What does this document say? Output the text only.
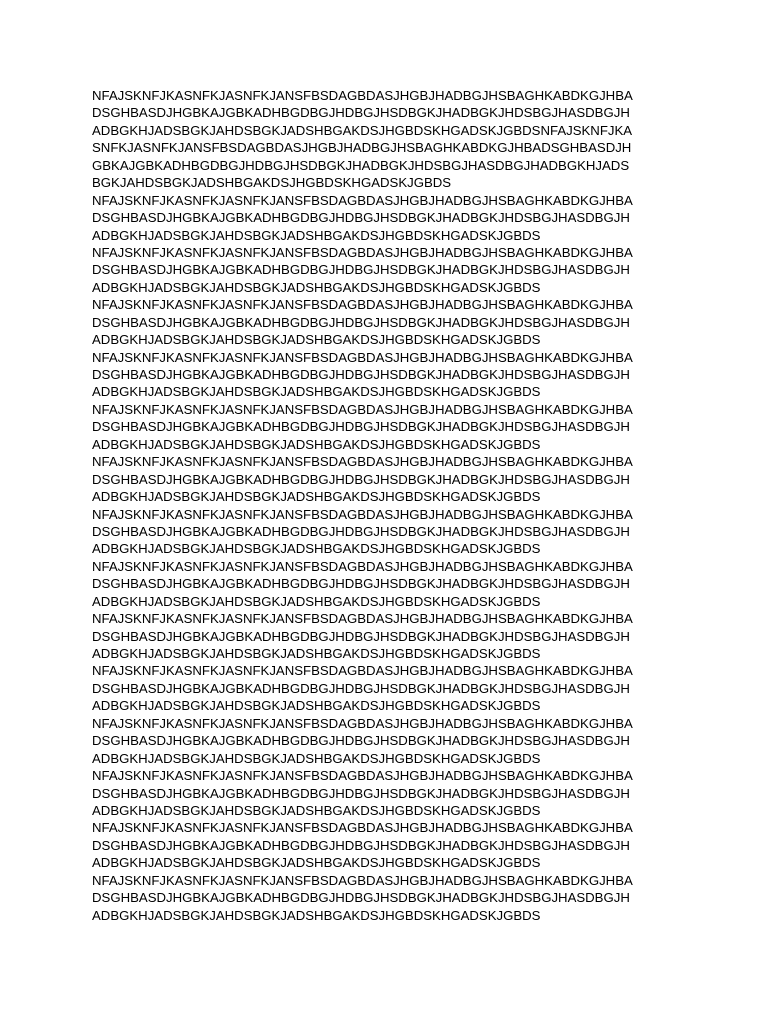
NFAJSKNFJKASNFKJASNFKJANSFBSDAGBDASJHGBJHADBGJHSBAGHKABDKGJHBA
DSGHBASDJHGBKAJGBKADHBGDBGJHDBGJHSDBGKJHADBGKJHDSBGJHASDBGJH
ADBGKHJADSBGKJAHDSBGKJADSHBGAKDSJHGBDSKHGADSKJGBDSNFAJSKNFJKA
SNFKJASNFKJANSFBSDAGBDASJHGBJHADBGJHSBAGHKABDKGJHBADSGHBASDJH
GBKAJGBKADHBGDBGJHDBGJHSDBGKJHADBGKJHDSBGJHASDBGJHADBGKHJADS
BGKJAHDSBGKJADSHBGAKDSJHGBDSKHGADSKJGBDS
NFAJSKNFJKASNFKJASNFKJANSFBSDAGBDASJHGBJHADBGJHSBAGHKABDKGJHBA
DSGHBASDJHGBKAJGBKADHBGDBGJHDBGJHSDBGKJHADBGKJHDSBGJHASDBGJH
ADBGKHJADSBGKJAHDSBGKJADSHBGAKDSJHGBDSKHGADSKJGBDS
NFAJSKNFJKASNFKJASNFKJANSFBSDAGBDASJHGBJHADBGJHSBAGHKABDKGJHBA
DSGHBASDJHGBKAJGBKADHBGDBGJHDBGJHSDBGKJHADBGKJHDSBGJHASDBGJH
ADBGKHJADSBGKJAHDSBGKJADSHBGAKDSJHGBDSKHGADSKJGBDS
NFAJSKNFJKASNFKJASNFKJANSFBSDAGBDASJHGBJHADBGJHSBAGHKABDKGJHBA
DSGHBASDJHGBKAJGBKADHBGDBGJHDBGJHSDBGKJHADBGKJHDSBGJHASDBGJH
ADBGKHJADSBGKJAHDSBGKJADSHBGAKDSJHGBDSKHGADSKJGBDS
NFAJSKNFJKASNFKJASNFKJANSFBSDAGBDASJHGBJHADBGJHSBAGHKABDKGJHBA
DSGHBASDJHGBKAJGBKADHBGDBGJHDBGJHSDBGKJHADBGKJHDSBGJHASDBGJH
ADBGKHJADSBGKJAHDSBGKJADSHBGAKDSJHGBDSKHGADSKJGBDS
NFAJSKNFJKASNFKJASNFKJANSFBSDAGBDASJHGBJHADBGJHSBAGHKABDKGJHBA
DSGHBASDJHGBKAJGBKADHBGDBGJHDBGJHSDBGKJHADBGKJHDSBGJHASDBGJH
ADBGKHJADSBGKJAHDSBGKJADSHBGAKDSJHGBDSKHGADSKJGBDS
NFAJSKNFJKASNFKJASNFKJANSFBSDAGBDASJHGBJHADBGJHSBAGHKABDKGJHBA
DSGHBASDJHGBKAJGBKADHBGDBGJHDBGJHSDBGKJHADBGKJHDSBGJHASDBGJH
ADBGKHJADSBGKJAHDSBGKJADSHBGAKDSJHGBDSKHGADSKJGBDS
NFAJSKNFJKASNFKJASNFKJANSFBSDAGBDASJHGBJHADBGJHSBAGHKABDKGJHBA
DSGHBASDJHGBKAJGBKADHBGDBGJHDBGJHSDBGKJHADBGKJHDSBGJHASDBGJH
ADBGKHJADSBGKJAHDSBGKJADSHBGAKDSJHGBDSKHGADSKJGBDS
NFAJSKNFJKASNFKJASNFKJANSFBSDAGBDASJHGBJHADBGJHSBAGHKABDKGJHBA
DSGHBASDJHGBKAJGBKADHBGDBGJHDBGJHSDBGKJHADBGKJHDSBGJHASDBGJH
ADBGKHJADSBGKJAHDSBGKJADSHBGAKDSJHGBDSKHGADSKJGBDS
NFAJSKNFJKASNFKJASNFKJANSFBSDAGBDASJHGBJHADBGJHSBAGHKABDKGJHBA
DSGHBASDJHGBKAJGBKADHBGDBGJHDBGJHSDBGKJHADBGKJHDSBGJHASDBGJH
ADBGKHJADSBGKJAHDSBGKJADSHBGAKDSJHGBDSKHGADSKJGBDS
NFAJSKNFJKASNFKJASNFKJANSFBSDAGBDASJHGBJHADBGJHSBAGHKABDKGJHBA
DSGHBASDJHGBKAJGBKADHBGDBGJHDBGJHSDBGKJHADBGKJHDSBGJHASDBGJH
ADBGKHJADSBGKJAHDSBGKJADSHBGAKDSJHGBDSKHGADSKJGBDS
NFAJSKNFJKASNFKJASNFKJANSFBSDAGBDASJHGBJHADBGJHSBAGHKABDKGJHBA
DSGHBASDJHGBKAJGBKADHBGDBGJHDBGJHSDBGKJHADBGKJHDSBGJHASDBGJH
ADBGKHJADSBGKJAHDSBGKJADSHBGAKDSJHGBDSKHGADSKJGBDS
NFAJSKNFJKASNFKJASNFKJANSFBSDAGBDASJHGBJHADBGJHSBAGHKABDKGJHBA
DSGHBASDJHGBKAJGBKADHBGDBGJHDBGJHSDBGKJHADBGKJHDSBGJHASDBGJH
ADBGKHJADSBGKJAHDSBGKJADSHBGAKDSJHGBDSKHGADSKJGBDS
NFAJSKNFJKASNFKJASNFKJANSFBSDAGBDASJHGBJHADBGJHSBAGHKABDKGJHBA
DSGHBASDJHGBKAJGBKADHBGDBGJHDBGJHSDBGKJHADBGKJHDSBGJHASDBGJH
ADBGKHJADSBGKJAHDSBGKJADSHBGAKDSJHGBDSKHGADSKJGBDS
NFAJSKNFJKASNFKJASNFKJANSFBSDAGBDASJHGBJHADBGJHSBAGHKABDKGJHBA
DSGHBASDJHGBKAJGBKADHBGDBGJHDBGJHSDBGKJHADBGKJHDSBGJHASDBGJH
ADBGKHJADSBGKJAHDSBGKJADSHBGAKDSJHGBDSKHGADSKJGBDS
